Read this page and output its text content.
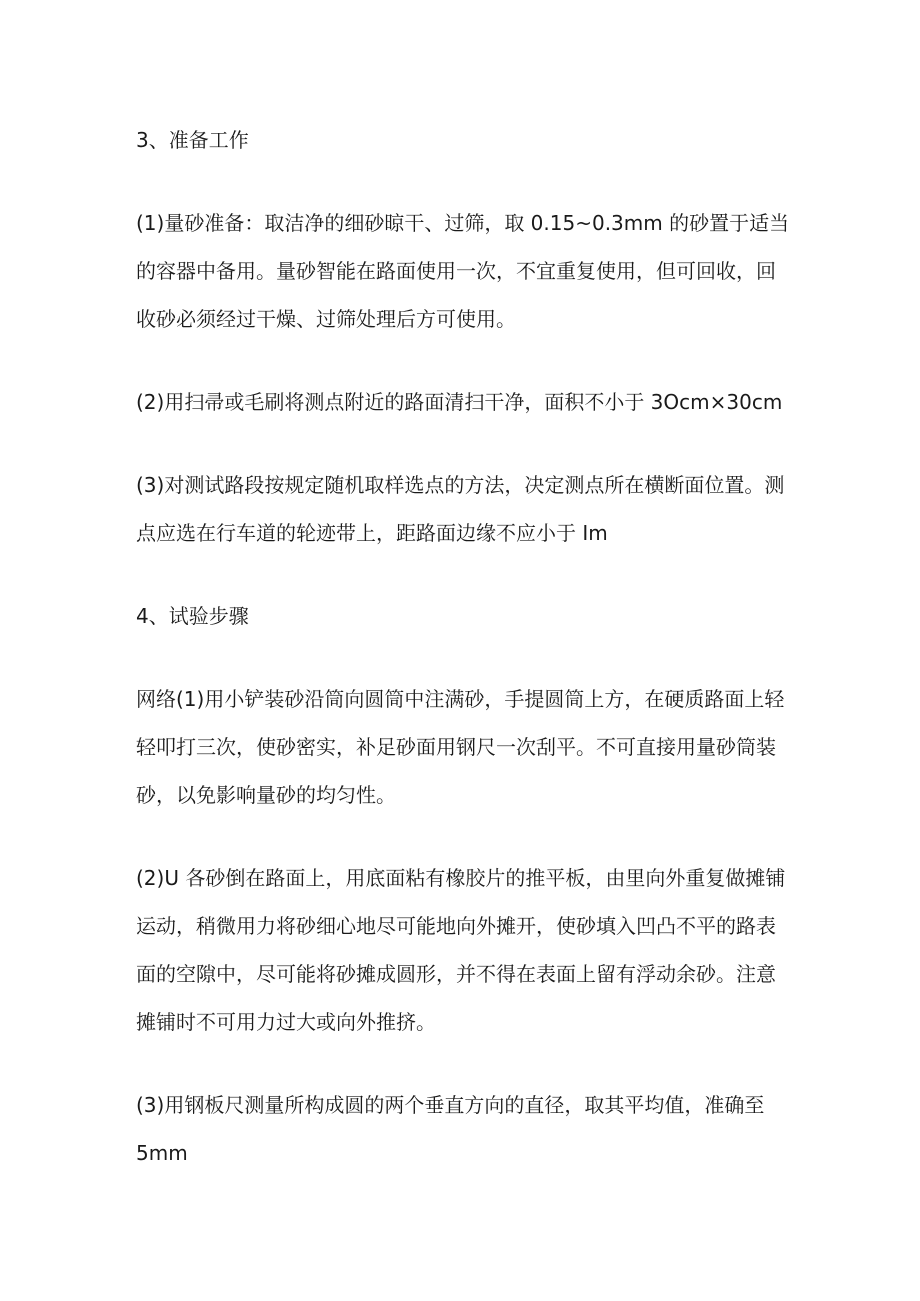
3、准备工作

(1)量砂准备：取洁净的细砂晾干、过筛，取 0.15~0.3mm 的砂置于适当
的容器中备用。量砂智能在路面使用一次，不宜重复使用，但可回收，回
收砂必须经过干燥、过筛处理后方可使用。

(2)用扫帚或毛刷将测点附近的路面清扫干净，面积不小于 3Ocm×30cm

(3)对测试路段按规定随机取样选点的方法，决定测点所在横断面位置。测
点应选在行车道的轮迹带上，距路面边缘不应小于 Im

4、试验步骤

网络(1)用小铲装砂沿筒向圆筒中注满砂，手提圆筒上方，在硬质路面上轻
轻叩打三次，使砂密实，补足砂面用钢尺一次刮平。不可直接用量砂筒装
砂，以免影响量砂的均匀性。

(2)U 各砂倒在路面上，用底面粘有橡胶片的推平板，由里向外重复做摊铺
运动，稍微用力将砂细心地尽可能地向外摊开，使砂填入凹凸不平的路表
面的空隙中，尽可能将砂摊成圆形，并不得在表面上留有浮动余砂。注意
摊铺时不可用力过大或向外推挤。

(3)用钢板尺测量所构成圆的两个垂直方向的直径，取其平均值，准确至
5mm
